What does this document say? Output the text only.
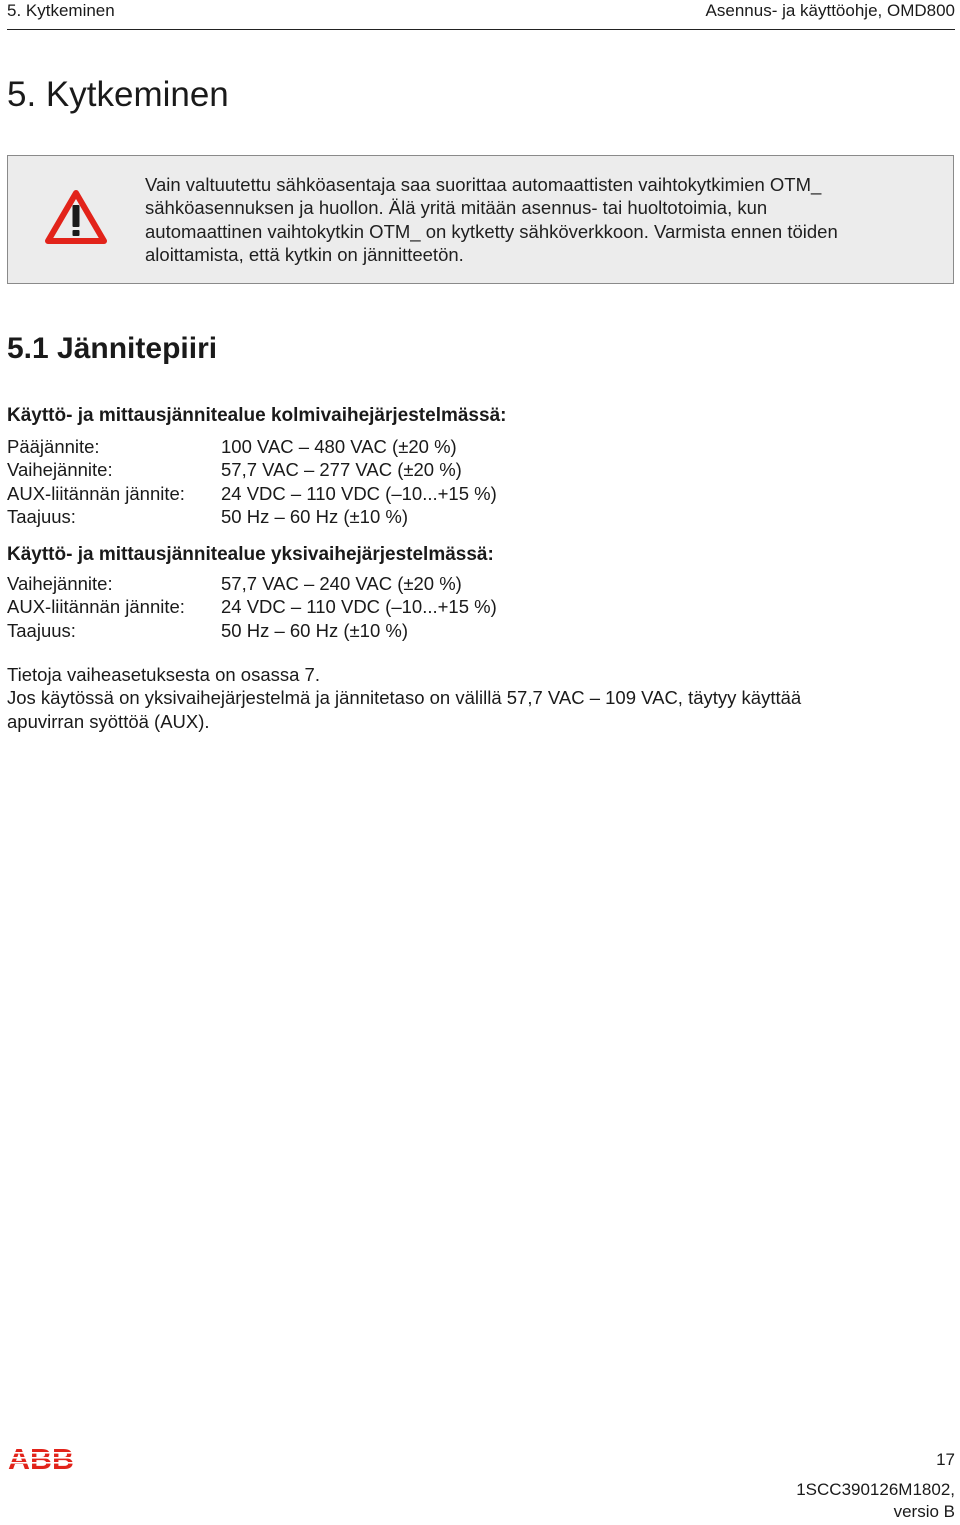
5. Kytkeminen	Asennus- ja käyttöohje, OMD800
5. Kytkeminen
Vain valtuutettu sähköasentaja saa suorittaa automaattisten vaihtokytkimien OTM_
sähköasennuksen ja huollon. Älä yritä mitään asennus- tai huoltotoimia, kun
automaattinen vaihtokytkin OTM_ on kytketty sähköverkkoon. Varmista ennen töiden
aloittamista, että kytkin on jännitteetön.
5.1 Jännitepiiri
Käyttö- ja mittausjännitealue kolmivaihejärjestelmässä:
Pääjännite:	100 VAC – 480 VAC (±20 %)
Vaihejännite:	57,7 VAC – 277 VAC (±20 %)
AUX-liitännän jännite:	24 VDC – 110 VDC (–10...+15 %)
Taajuus:	50 Hz – 60 Hz (±10 %)
Käyttö- ja mittausjännitealue yksivaihejärjestelmässä:
Vaihejännite:	57,7 VAC – 240 VAC (±20 %)
AUX-liitännän jännite:	24 VDC – 110 VDC (–10...+15 %)
Taajuus:	50 Hz – 60 Hz (±10 %)
Tietoja vaiheasetuksesta on osassa 7.
Jos käytössä on yksivaihejärjestelmä ja jännitetaso on välillä 57,7 VAC – 109 VAC, täytyy käyttää
apuvirran syöttöä (AUX).
17
1SCC390126M1802,
versio B
